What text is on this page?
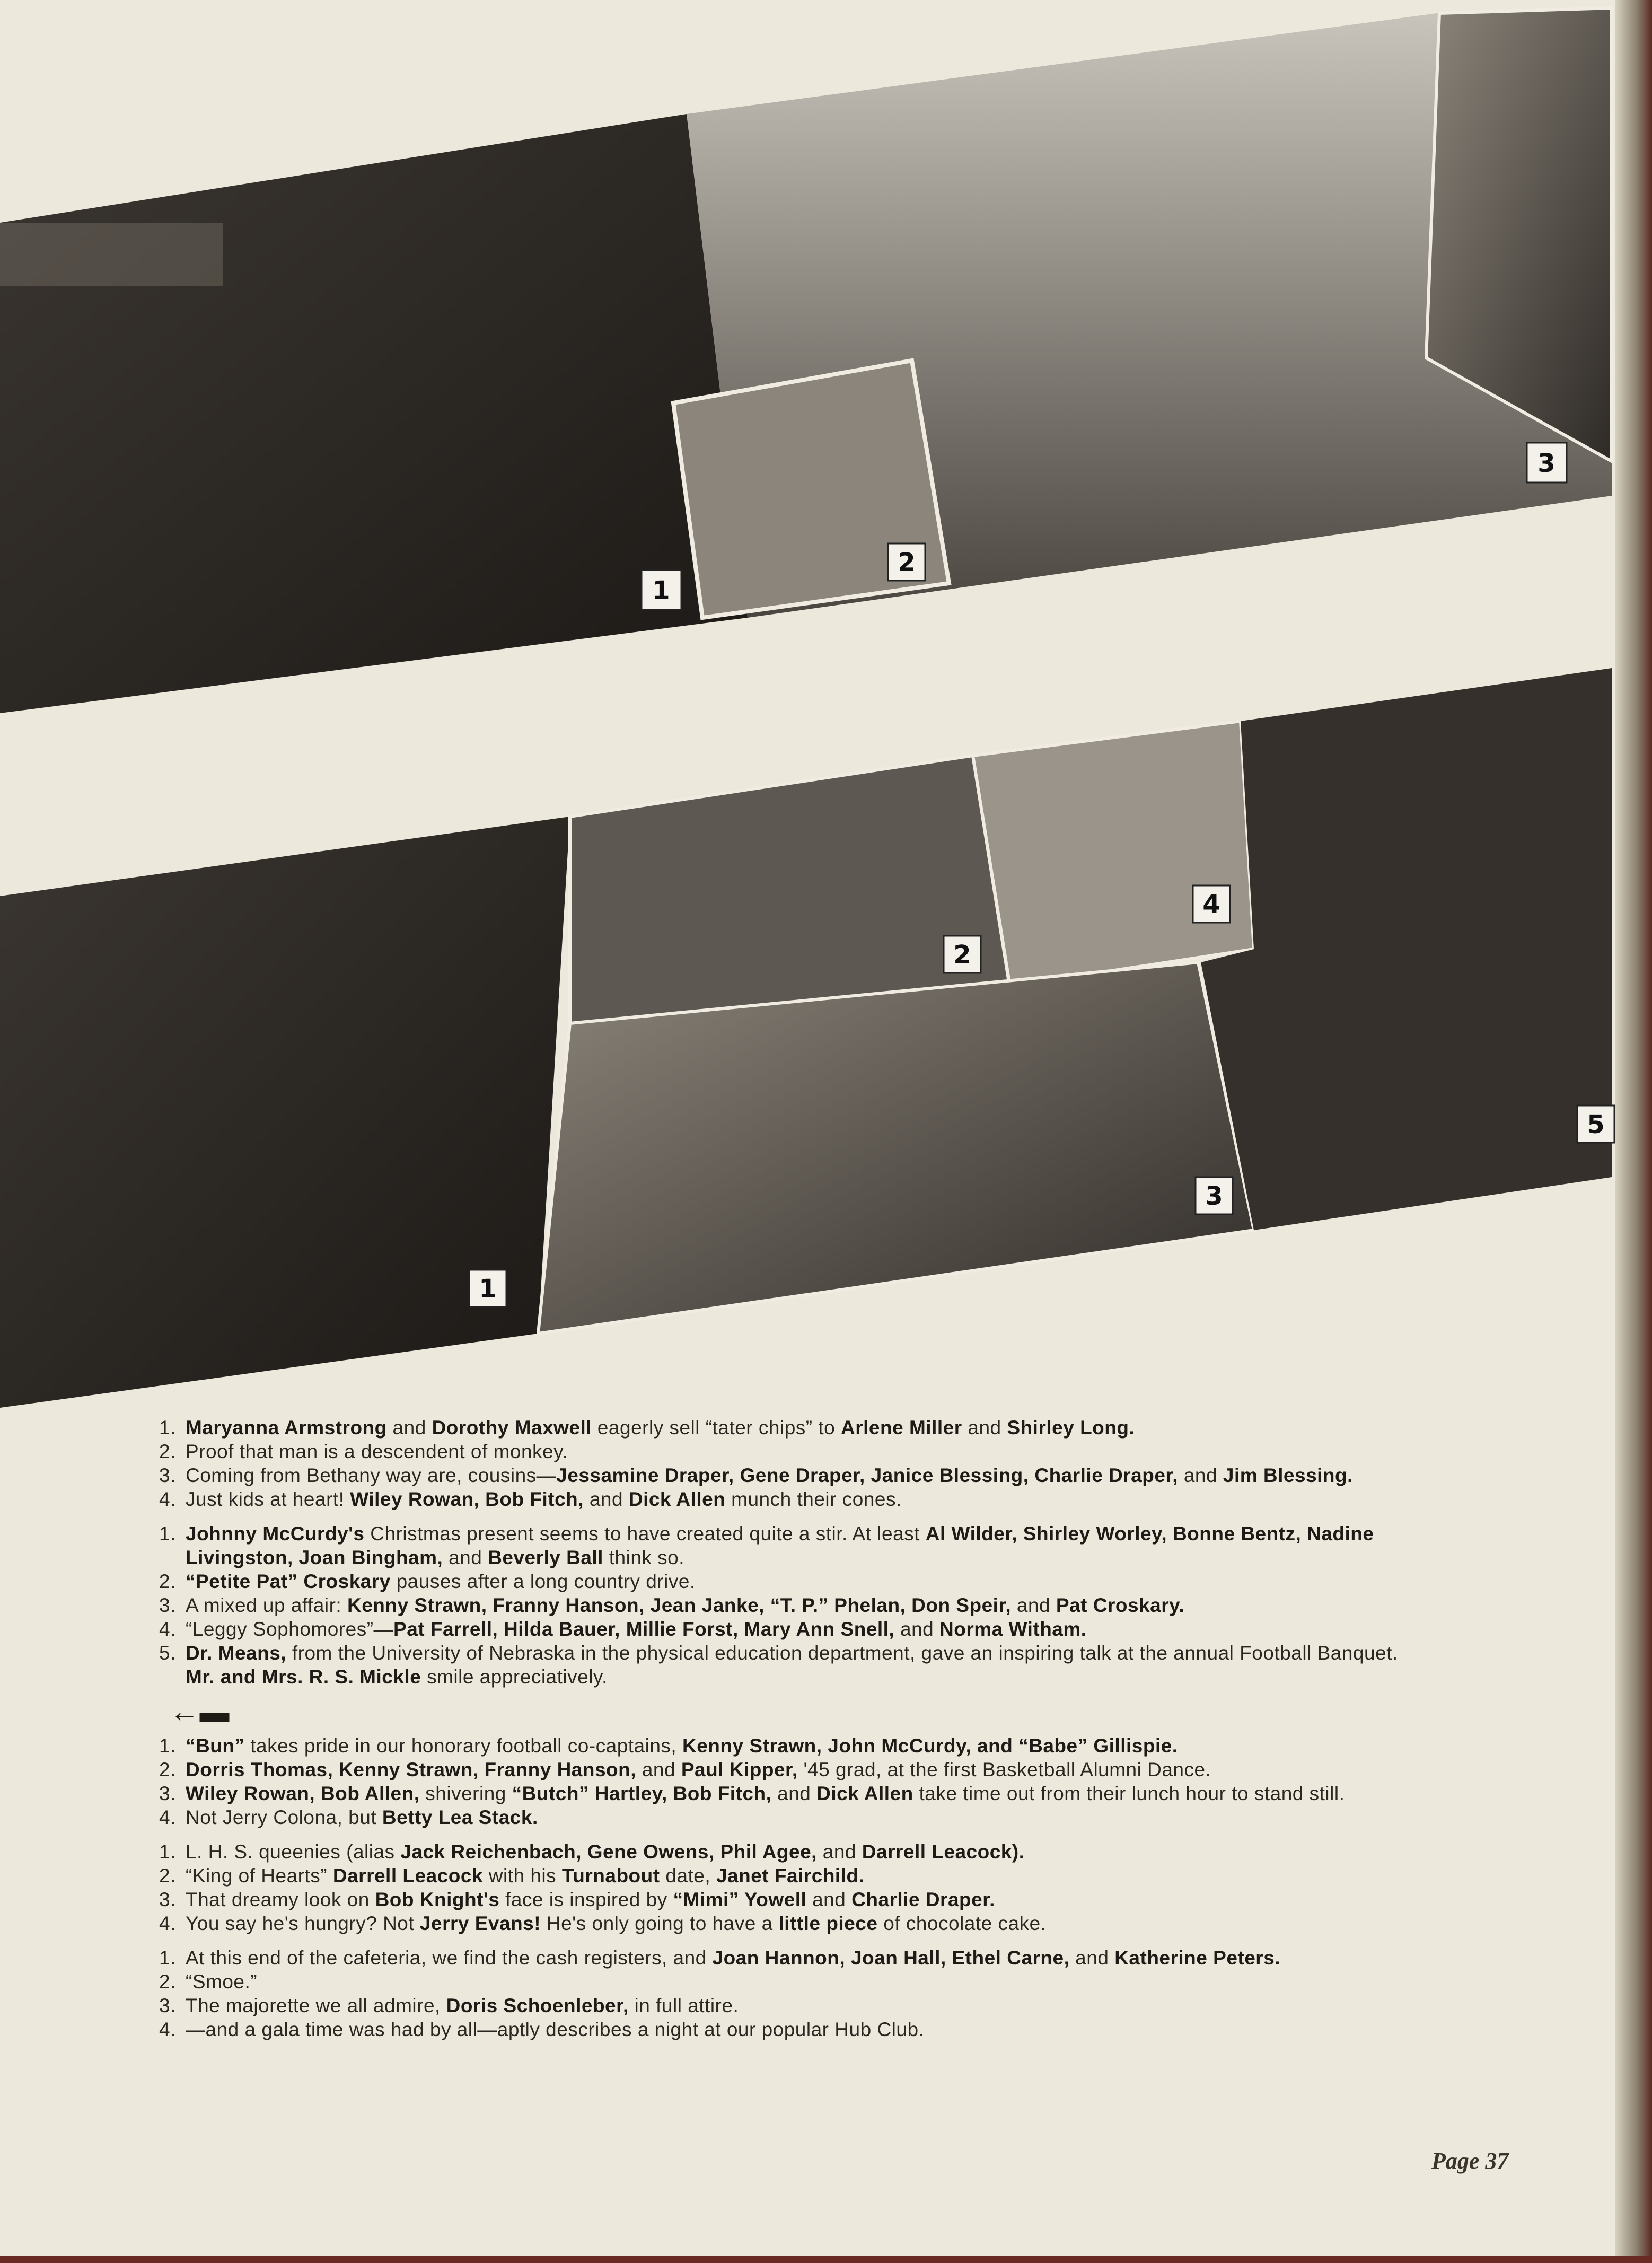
1
2
3
1
2
3
4
5
1. Maryanna Armstrong and Dorothy Maxwell eagerly sell “tater chips” to Arlene Miller and Shirley Long.
2. Proof that man is a descendent of monkey.
3. Coming from Bethany way are, cousins—Jessamine Draper, Gene Draper, Janice Blessing, Charlie Draper, and Jim Blessing.
4. Just kids at heart! Wiley Rowan, Bob Fitch, and Dick Allen munch their cones.
1. Johnny McCurdy's Christmas present seems to have created quite a stir. At least Al Wilder, Shirley Worley, Bonne Bentz, Nadine Livingston, Joan Bingham, and Beverly Ball think so.
2. “Petite Pat” Croskary pauses after a long country drive.
3. A mixed up affair: Kenny Strawn, Franny Hanson, Jean Janke, “T. P.” Phelan, Don Speir, and Pat Croskary.
4. “Leggy Sophomores”—Pat Farrell, Hilda Bauer, Millie Forst, Mary Ann Snell, and Norma Witham.
5. Dr. Means, from the University of Nebraska in the physical education department, gave an inspiring talk at the annual Football Banquet. Mr. and Mrs. R. S. Mickle smile appreciatively.
←▬
1. “Bun” takes pride in our honorary football co-captains, Kenny Strawn, John McCurdy, and “Babe” Gillispie.
2. Dorris Thomas, Kenny Strawn, Franny Hanson, and Paul Kipper, '45 grad, at the first Basketball Alumni Dance.
3. Wiley Rowan, Bob Allen, shivering “Butch” Hartley, Bob Fitch, and Dick Allen take time out from their lunch hour to stand still.
4. Not Jerry Colona, but Betty Lea Stack.
1. L. H. S. queenies (alias Jack Reichenbach, Gene Owens, Phil Agee, and Darrell Leacock).
2. “King of Hearts” Darrell Leacock with his Turnabout date, Janet Fairchild.
3. That dreamy look on Bob Knight's face is inspired by “Mimi” Yowell and Charlie Draper.
4. You say he's hungry? Not Jerry Evans! He's only going to have a little piece of chocolate cake.
1. At this end of the cafeteria, we find the cash registers, and Joan Hannon, Joan Hall, Ethel Carne, and Katherine Peters.
2. “Smoe.”
3. The majorette we all admire, Doris Schoenleber, in full attire.
4. —and a gala time was had by all—aptly describes a night at our popular Hub Club.
Page 37
